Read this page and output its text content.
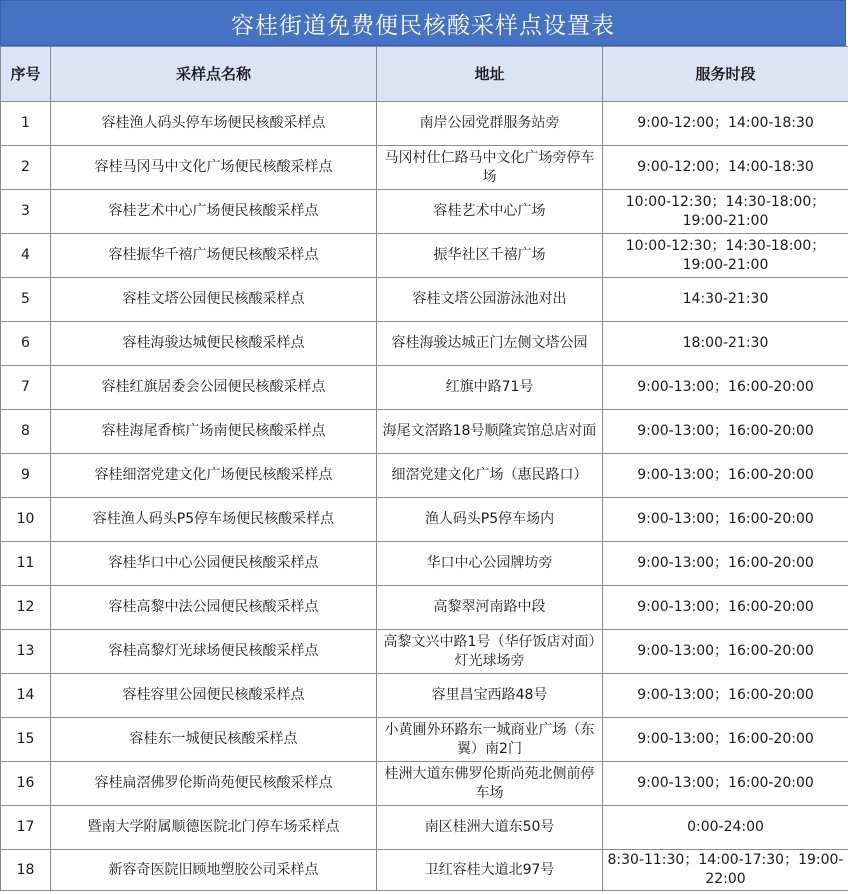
容桂街道免费便民核酸采样点设置表
序号	采样点名称	地址	服务时段
1	容桂渔人码头停车场便民核酸采样点	南岸公园党群服务站旁	9:00-12:00；14:00-18:30
2	容桂马冈马中文化广场便民核酸采样点	马冈村仕仁路马中文化广场旁停车场	9:00-12:00；14:00-18:30
3	容桂艺术中心广场便民核酸采样点	容桂艺术中心广场	10:00-12:30；14:30-18:00；19:00-21:00
4	容桂振华千禧广场便民核酸采样点	振华社区千禧广场	10:00-12:30；14:30-18:00；19:00-21:00
5	容桂文塔公园便民核酸采样点	容桂文塔公园游泳池对出	14:30-21:30
6	容桂海骏达城便民核酸采样点	容桂海骏达城正门左侧文塔公园	18:00-21:30
7	容桂红旗居委会公园便民核酸采样点	红旗中路71号	9:00-13:00；16:00-20:00
8	容桂海尾香槟广场南便民核酸采样点	海尾文滘路18号顺隆宾馆总店对面	9:00-13:00；16:00-20:00
9	容桂细滘党建文化广场便民核酸采样点	细滘党建文化广场（惠民路口）	9:00-13:00；16:00-20:00
10	容桂渔人码头P5停车场便民核酸采样点	渔人码头P5停车场内	9:00-13:00；16:00-20:00
11	容桂华口中心公园便民核酸采样点	华口中心公园牌坊旁	9:00-13:00；16:00-20:00
12	容桂高黎中法公园便民核酸采样点	高黎翠河南路中段	9:00-13:00；16:00-20:00
13	容桂高黎灯光球场便民核酸采样点	高黎文兴中路1号（华仔饭店对面）灯光球场旁	9:00-13:00；16:00-20:00
14	容桂容里公园便民核酸采样点	容里昌宝西路48号	9:00-13:00；16:00-20:00
15	容桂东一城便民核酸采样点	小黄圃外环路东一城商业广场（东翼）南2门	9:00-13:00；16:00-20:00
16	容桂扁滘佛罗伦斯尚苑便民核酸采样点	桂洲大道东佛罗伦斯尚苑北侧前停车场	9:00-13:00；16:00-20:00
17	暨南大学附属顺德医院北门停车场采样点	南区桂洲大道东50号	0:00-24:00
18	新容奇医院旧顾地塑胶公司采样点	卫红容桂大道北97号	8:30-11:30；14:00-17:30；19:00-22:00
